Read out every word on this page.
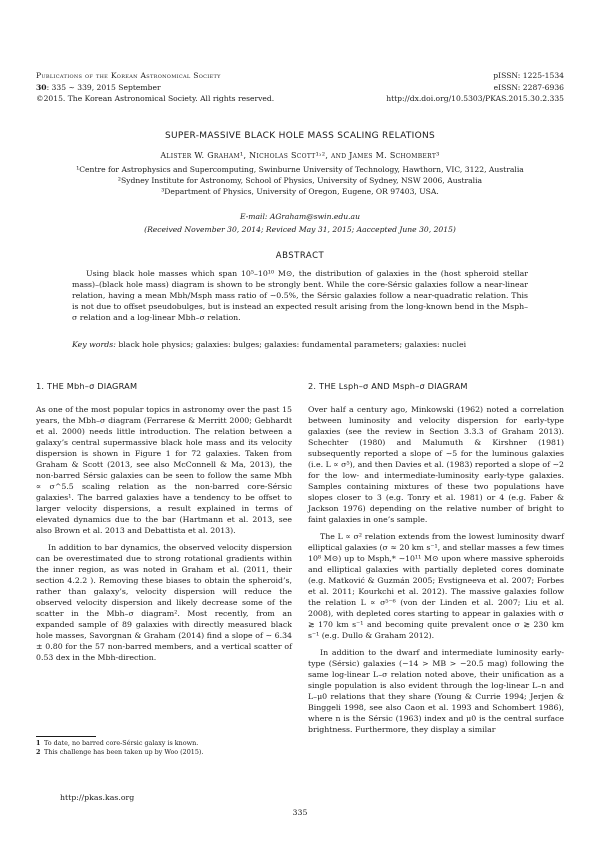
Publications of the Korean Astronomical Society
30: 335 ∼ 339, 2015 September
©2015. The Korean Astronomical Society. All rights reserved.
pISSN: 1225-1534
eISSN: 2287-6936
http://dx.doi.org/10.5303/PKAS.2015.30.2.335
SUPER-MASSIVE BLACK HOLE MASS SCALING RELATIONS
Alister W. Graham¹, Nicholas Scott¹˒², and James M. Schombert³
¹Centre for Astrophysics and Supercomputing, Swinburne University of Technology, Hawthorn, VIC, 3122, Australia
²Sydney Institute for Astronomy, School of Physics, University of Sydney, NSW 2006, Australia
³Department of Physics, University of Oregon, Eugene, OR 97403, USA.
E-mail: AGraham@swin.edu.au
(Received November 30, 2014; Reviced May 31, 2015; Aaccepted June 30, 2015)
ABSTRACT
Using black hole masses which span 10⁵–10¹⁰ M⊙, the distribution of galaxies in the (host spheroid stellar mass)–(black hole mass) diagram is shown to be strongly bent. While the core-Sérsic galaxies follow a near-linear relation, having a mean Mbh/Msph mass ratio of ∼0.5%, the Sérsic galaxies follow a near-quadratic relation. This is not due to offset pseudobulges, but is instead an expected result arising from the long-known bend in the Msph–σ relation and a log-linear Mbh–σ relation.
Key words: black hole physics; galaxies: bulges; galaxies: fundamental parameters; galaxies: nuclei
1. THE Mbh–σ DIAGRAM

As one of the most popular topics in astronomy over the past 15 years, the Mbh–σ diagram (Ferrarese & Merritt 2000; Gebhardt et al. 2000) needs little introduction. The relation between a galaxy’s central supermassive black hole mass and its velocity dispersion is shown in Figure 1 for 72 galaxies. Taken from Graham & Scott (2013, see also McConnell & Ma, 2013), the non-barred Sérsic galaxies can be seen to follow the same Mbh ∝ σ^5.5 scaling relation as the non-barred core-Sérsic galaxies¹. The barred galaxies have a tendency to be offset to larger velocity dispersions, a result explained in terms of elevated dynamics due to the bar (Hartmann et al. 2013, see also Brown et al. 2013 and Debattista et al. 2013).

In addition to bar dynamics, the observed velocity dispersion can be overestimated due to strong rotational gradients within the inner region, as was noted in Graham et al. (2011, their section 4.2.2 ). Removing these biases to obtain the spheroid’s, rather than galaxy’s, velocity dispersion will reduce the observed velocity dispersion and likely decrease some of the scatter in the Mbh–σ diagram². Most recently, from an expanded sample of 89 galaxies with directly measured black hole masses, Savorgnan & Graham (2014) find a slope of ∼ 6.34 ± 0.80 for the 57 non-barred members, and a vertical scatter of 0.53 dex in the Mbh-direction.

2. THE Lsph–σ AND Msph–σ DIAGRAM

Over half a century ago, Minkowski (1962) noted a correlation between luminosity and velocity dispersion for early-type galaxies (see the review in Section 3.3.3 of Graham 2013). Schechter (1980) and Malumuth & Kirshner (1981) subsequently reported a slope of ∼5 for the luminous galaxies (i.e. L ∝ σ⁵), and then Davies et al. (1983) reported a slope of ∼2 for the low- and intermediate-luminosity early-type galaxies. Samples containing mixtures of these two populations have slopes closer to 3 (e.g. Tonry et al. 1981) or 4 (e.g. Faber & Jackson 1976) depending on the relative number of bright to faint galaxies in one’s sample.

The L ∝ σ² relation extends from the lowest luminosity dwarf elliptical galaxies (σ ≈ 20 km s⁻¹, and stellar masses a few times 10⁸ M⊙) up to Msph,* ∼10¹¹ M⊙ upon where massive spheroids and elliptical galaxies with partially depleted cores dominate (e.g. Matković & Guzmán 2005; Evstigneeva et al. 2007; Forbes et al. 2011; Kourkchi et al. 2012). The massive galaxies follow the relation L ∝ σ⁵⁻⁶ (von der Linden et al. 2007; Liu et al. 2008), with depleted cores starting to appear in galaxies with σ ≳ 170 km s⁻¹ and becoming quite prevalent once σ ≳ 230 km s⁻¹ (e.g. Dullo & Graham 2012).

In addition to the dwarf and intermediate luminosity early-type (Sérsic) galaxies (−14 > MB > −20.5 mag) following the same log-linear L–σ relation noted above, their unification as a single population is also evident through the log-linear L–n and L–μ0 relations that they share (Young & Currie 1994; Jerjen & Binggeli 1998, see also Caon et al. 1993 and Schombert 1986), where n is the Sérsic (1963) index and μ0 is the central surface brightness. Furthermore, they display a similar

1 To date, no barred core-Sérsic galaxy is known.
2 This challenge has been taken up by Woo (2015).
http://pkas.kas.org
335
